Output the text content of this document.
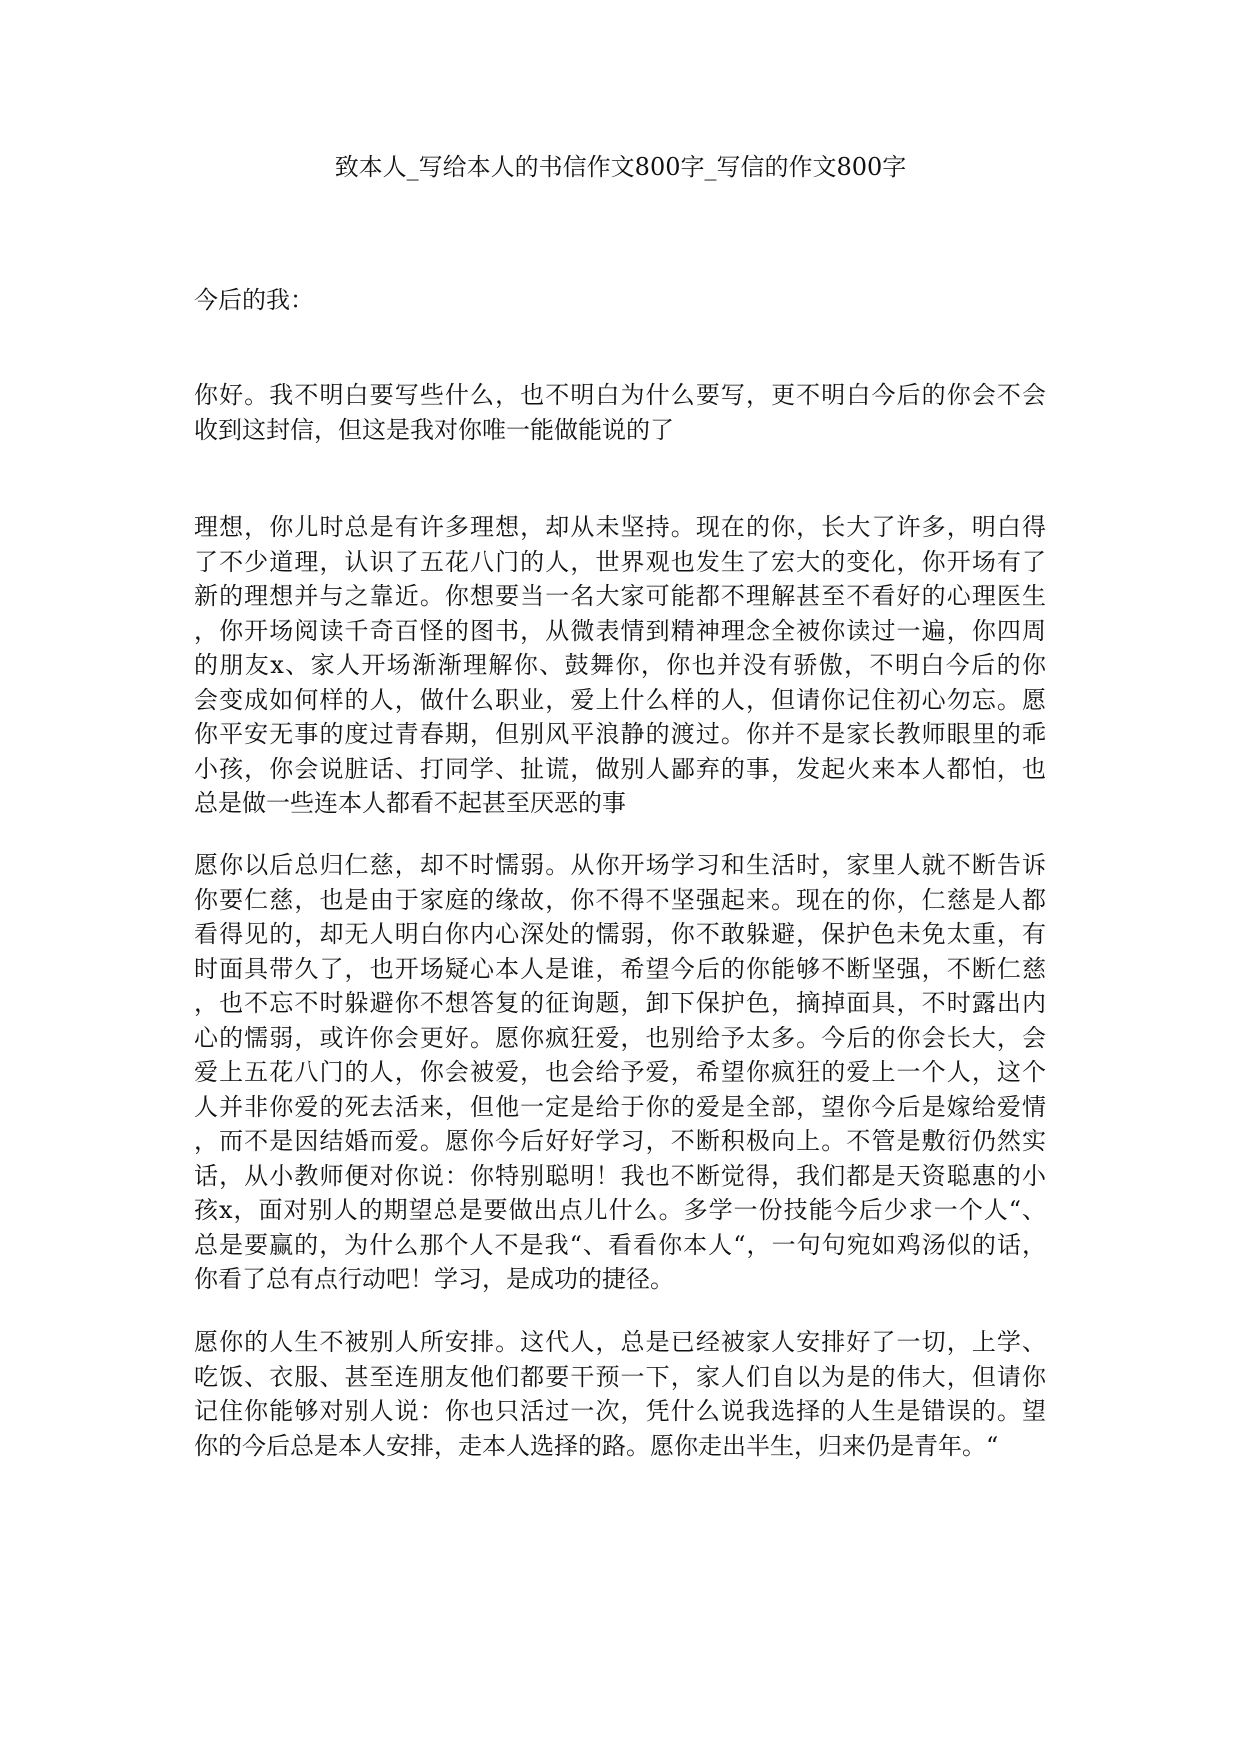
致本人_写给本人的书信作文800字_写信的作文800字

今后的我：

你好。我不明白要写些什么，也不明白为什么要写，更不明白今后的你会不会
收到这封信，但这是我对你唯一能做能说的了

理想，你儿时总是有许多理想，却从未坚持。现在的你，长大了许多，明白得
了不少道理，认识了五花八门的人，世界观也发生了宏大的变化，你开场有了
新的理想并与之靠近。你想要当一名大家可能都不理解甚至不看好的心理医生
，你开场阅读千奇百怪的图书，从微表情到精神理念全被你读过一遍，你四周
的朋友x、家人开场渐渐理解你、鼓舞你，你也并没有骄傲，不明白今后的你
会变成如何样的人，做什么职业，爱上什么样的人，但请你记住初心勿忘。愿
你平安无事的度过青春期，但别风平浪静的渡过。你并不是家长教师眼里的乖
小孩，你会说脏话、打同学、扯谎，做别人鄙弃的事，发起火来本人都怕，也
总是做一些连本人都看不起甚至厌恶的事

愿你以后总归仁慈，却不时懦弱。从你开场学习和生活时，家里人就不断告诉
你要仁慈，也是由于家庭的缘故，你不得不坚强起来。现在的你，仁慈是人都
看得见的，却无人明白你内心深处的懦弱，你不敢躲避，保护色未免太重，有
时面具带久了，也开场疑心本人是谁，希望今后的你能够不断坚强，不断仁慈
，也不忘不时躲避你不想答复的征询题，卸下保护色，摘掉面具，不时露出内
心的懦弱，或许你会更好。愿你疯狂爱，也别给予太多。今后的你会长大，会
爱上五花八门的人，你会被爱，也会给予爱，希望你疯狂的爱上一个人，这个
人并非你爱的死去活来，但他一定是给于你的爱是全部，望你今后是嫁给爱情
，而不是因结婚而爱。愿你今后好好学习，不断积极向上。不管是敷衍仍然实
话，从小教师便对你说：你特别聪明！我也不断觉得，我们都是天资聪惠的小
孩x，面对别人的期望总是要做出点儿什么。多学一份技能今后少求一个人“、
总是要赢的，为什么那个人不是我“、看看你本人“，一句句宛如鸡汤似的话，
你看了总有点行动吧！学习，是成功的捷径。

愿你的人生不被别人所安排。这代人，总是已经被家人安排好了一切，上学、
吃饭、衣服、甚至连朋友他们都要干预一下，家人们自以为是的伟大，但请你
记住你能够对别人说：你也只活过一次，凭什么说我选择的人生是错误的。望
你的今后总是本人安排，走本人选择的路。愿你走出半生，归来仍是青年。“
